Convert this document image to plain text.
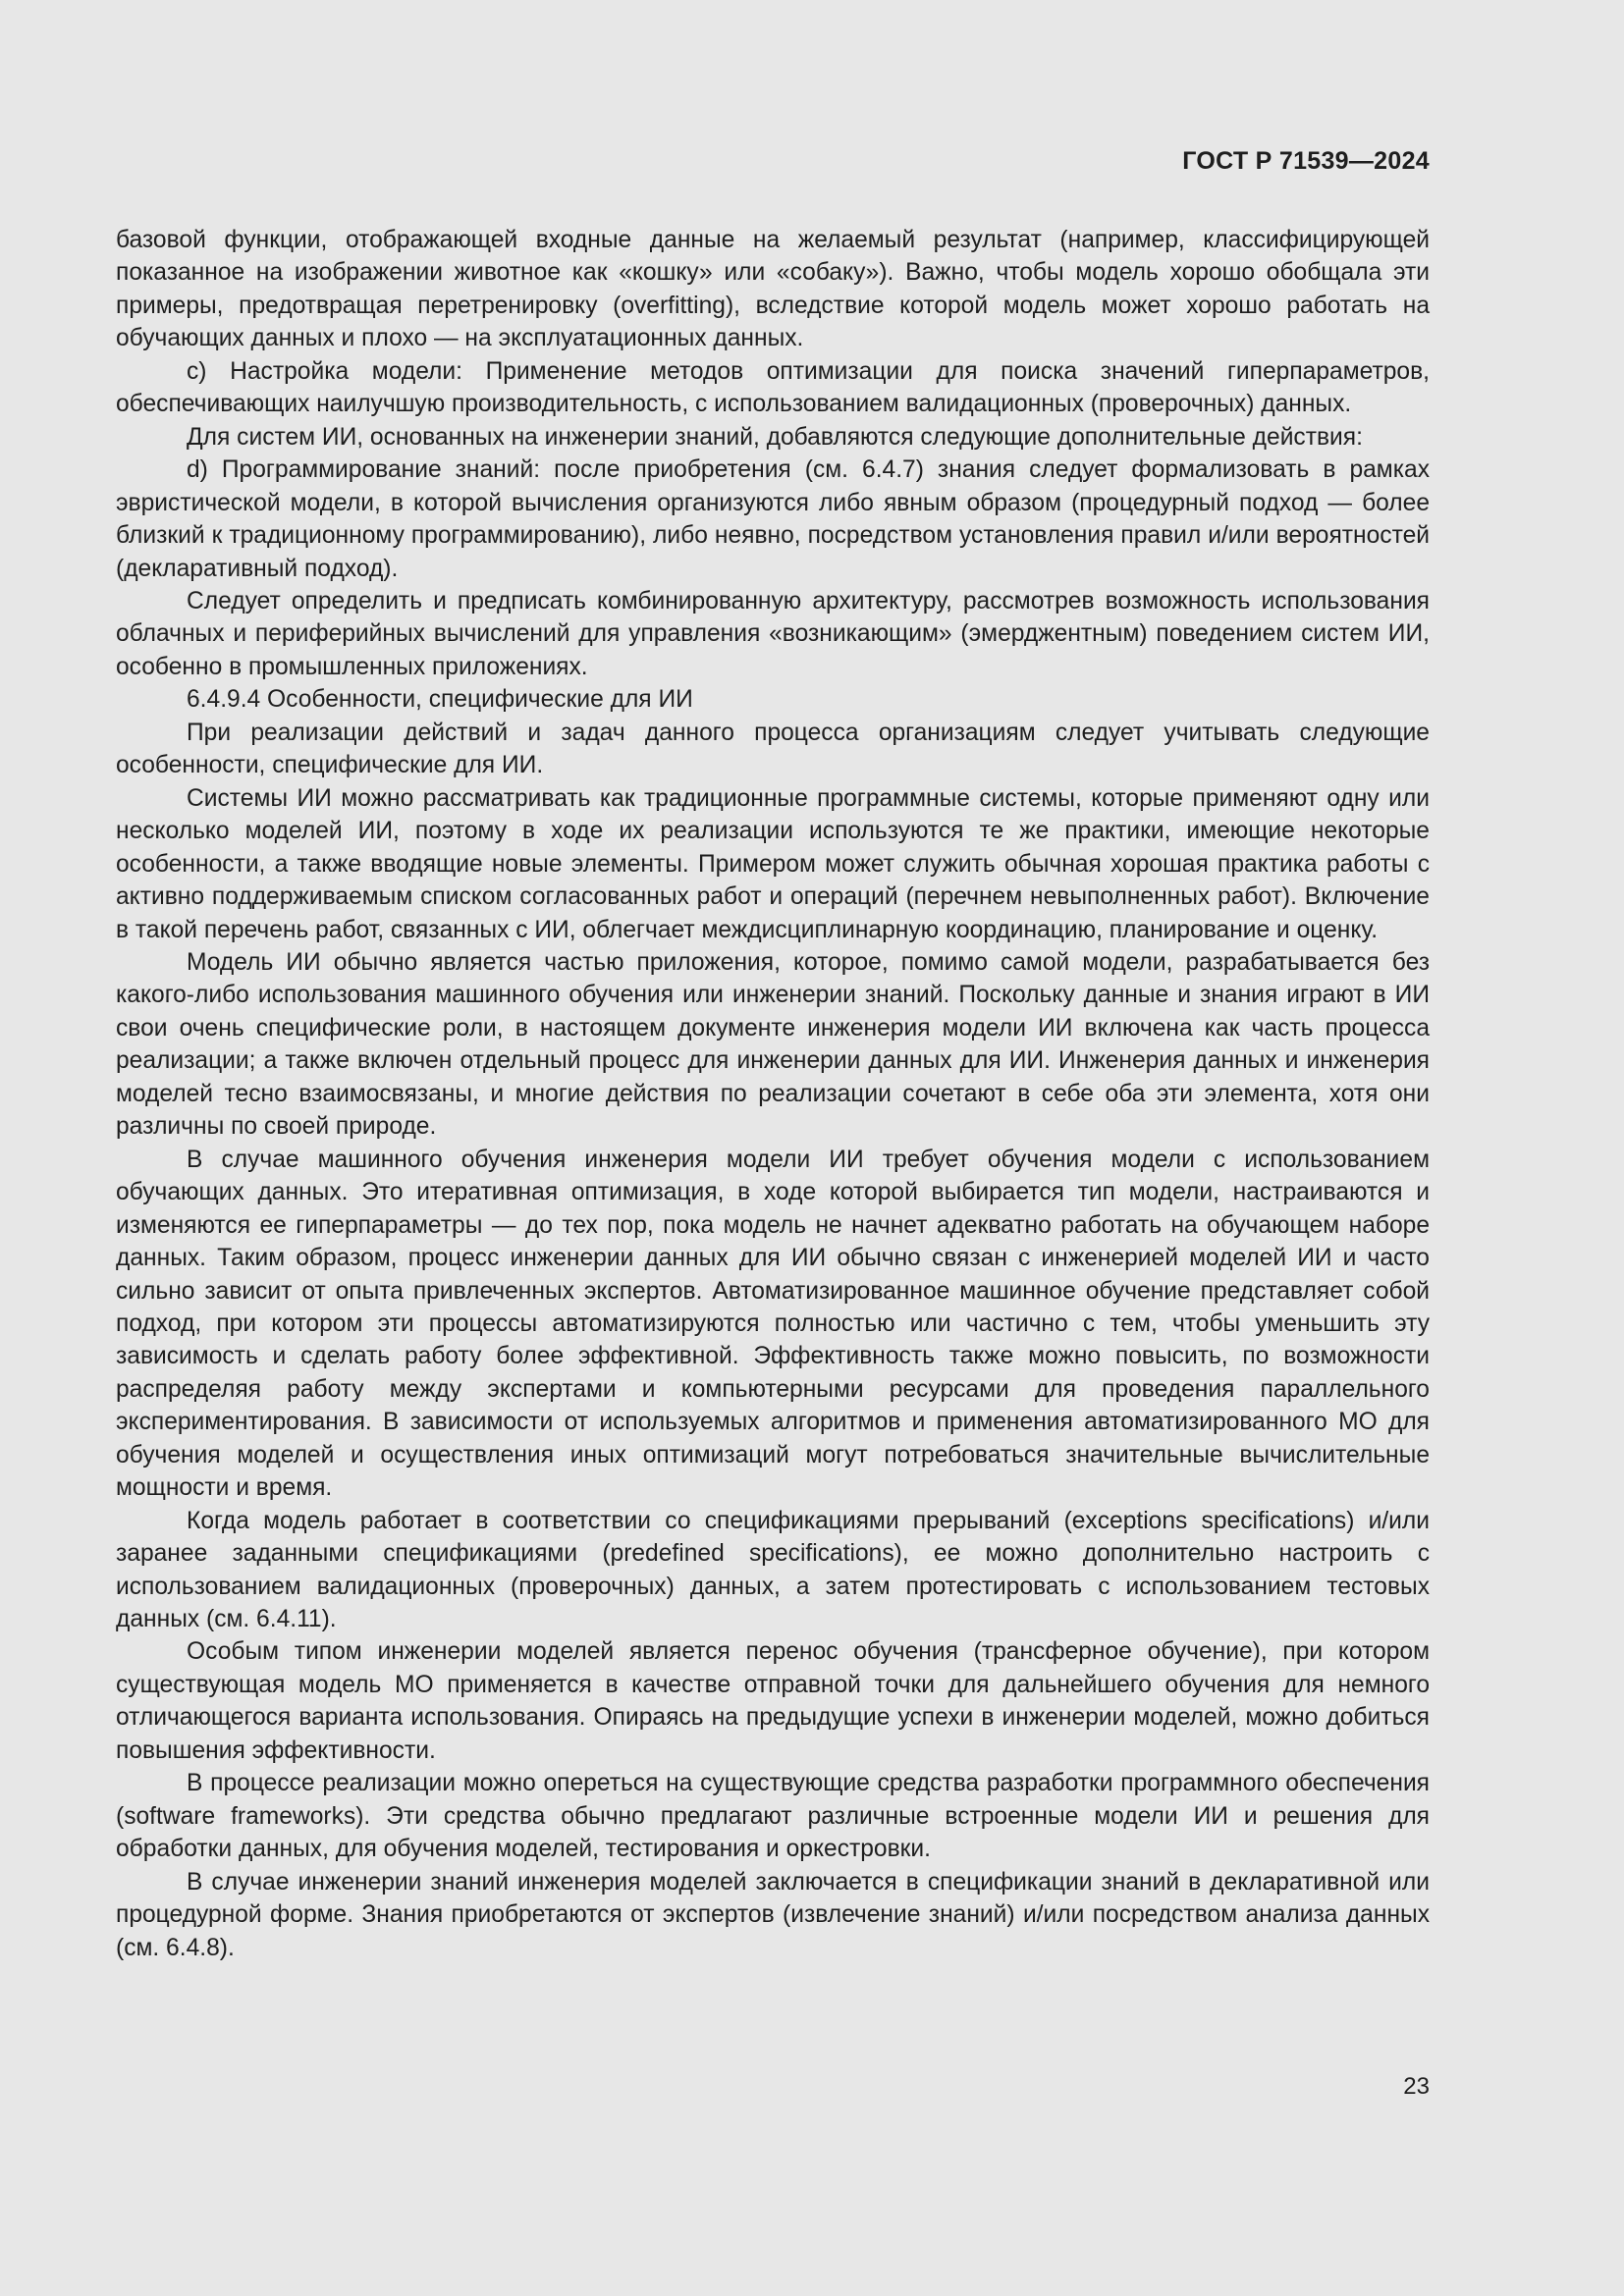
ГОСТ Р 71539—2024

базовой функции, отображающей входные данные на желаемый результат (например, классифицирующей показанное на изображении животное как «кошку» или «собаку»). Важно, чтобы модель хорошо обобщала эти примеры, предотвращая перетренировку (overfitting), вследствие которой модель может хорошо работать на обучающих данных и плохо — на эксплуатационных данных.

c) Настройка модели: Применение методов оптимизации для поиска значений гиперпараметров, обеспечивающих наилучшую производительность, с использованием валидационных (проверочных) данных.

Для систем ИИ, основанных на инженерии знаний, добавляются следующие дополнительные действия:

d) Программирование знаний: после приобретения (см. 6.4.7) знания следует формализовать в рамках эвристической модели, в которой вычисления организуются либо явным образом (процедурный подход — более близкий к традиционному программированию), либо неявно, посредством установления правил и/или вероятностей (декларативный подход).

Следует определить и предписать комбинированную архитектуру, рассмотрев возможность использования облачных и периферийных вычислений для управления «возникающим» (эмерджентным) поведением систем ИИ, особенно в промышленных приложениях.

6.4.9.4 Особенности, специфические для ИИ

При реализации действий и задач данного процесса организациям следует учитывать следующие особенности, специфические для ИИ.

Системы ИИ можно рассматривать как традиционные программные системы, которые применяют одну или несколько моделей ИИ, поэтому в ходе их реализации используются те же практики, имеющие некоторые особенности, а также вводящие новые элементы. Примером может служить обычная хорошая практика работы с активно поддерживаемым списком согласованных работ и операций (перечнем невыполненных работ). Включение в такой перечень работ, связанных с ИИ, облегчает междисциплинарную координацию, планирование и оценку.

Модель ИИ обычно является частью приложения, которое, помимо самой модели, разрабатывается без какого-либо использования машинного обучения или инженерии знаний. Поскольку данные и знания играют в ИИ свои очень специфические роли, в настоящем документе инженерия модели ИИ включена как часть процесса реализации; а также включен отдельный процесс для инженерии данных для ИИ. Инженерия данных и инженерия моделей тесно взаимосвязаны, и многие действия по реализации сочетают в себе оба эти элемента, хотя они различны по своей природе.

В случае машинного обучения инженерия модели ИИ требует обучения модели с использованием обучающих данных. Это итеративная оптимизация, в ходе которой выбирается тип модели, настраиваются и изменяются ее гиперпараметры — до тех пор, пока модель не начнет адекватно работать на обучающем наборе данных. Таким образом, процесс инженерии данных для ИИ обычно связан с инженерией моделей ИИ и часто сильно зависит от опыта привлеченных экспертов. Автоматизированное машинное обучение представляет собой подход, при котором эти процессы автоматизируются полностью или частично с тем, чтобы уменьшить эту зависимость и сделать работу более эффективной. Эффективность также можно повысить, по возможности распределяя работу между экспертами и компьютерными ресурсами для проведения параллельного экспериментирования. В зависимости от используемых алгоритмов и применения автоматизированного МО для обучения моделей и осуществления иных оптимизаций могут потребоваться значительные вычислительные мощности и время.

Когда модель работает в соответствии со спецификациями прерываний (exceptions specifications) и/или заранее заданными спецификациями (predefined specifications), ее можно дополнительно настроить с использованием валидационных (проверочных) данных, а затем протестировать с использованием тестовых данных (см. 6.4.11).

Особым типом инженерии моделей является перенос обучения (трансферное обучение), при котором существующая модель МО применяется в качестве отправной точки для дальнейшего обучения для немного отличающегося варианта использования. Опираясь на предыдущие успехи в инженерии моделей, можно добиться повышения эффективности.

В процессе реализации можно опереться на существующие средства разработки программного обеспечения (software frameworks). Эти средства обычно предлагают различные встроенные модели ИИ и решения для обработки данных, для обучения моделей, тестирования и оркестровки.

В случае инженерии знаний инженерия моделей заключается в спецификации знаний в декларативной или процедурной форме. Знания приобретаются от экспертов (извлечение знаний) и/или посредством анализа данных (см. 6.4.8).

23
